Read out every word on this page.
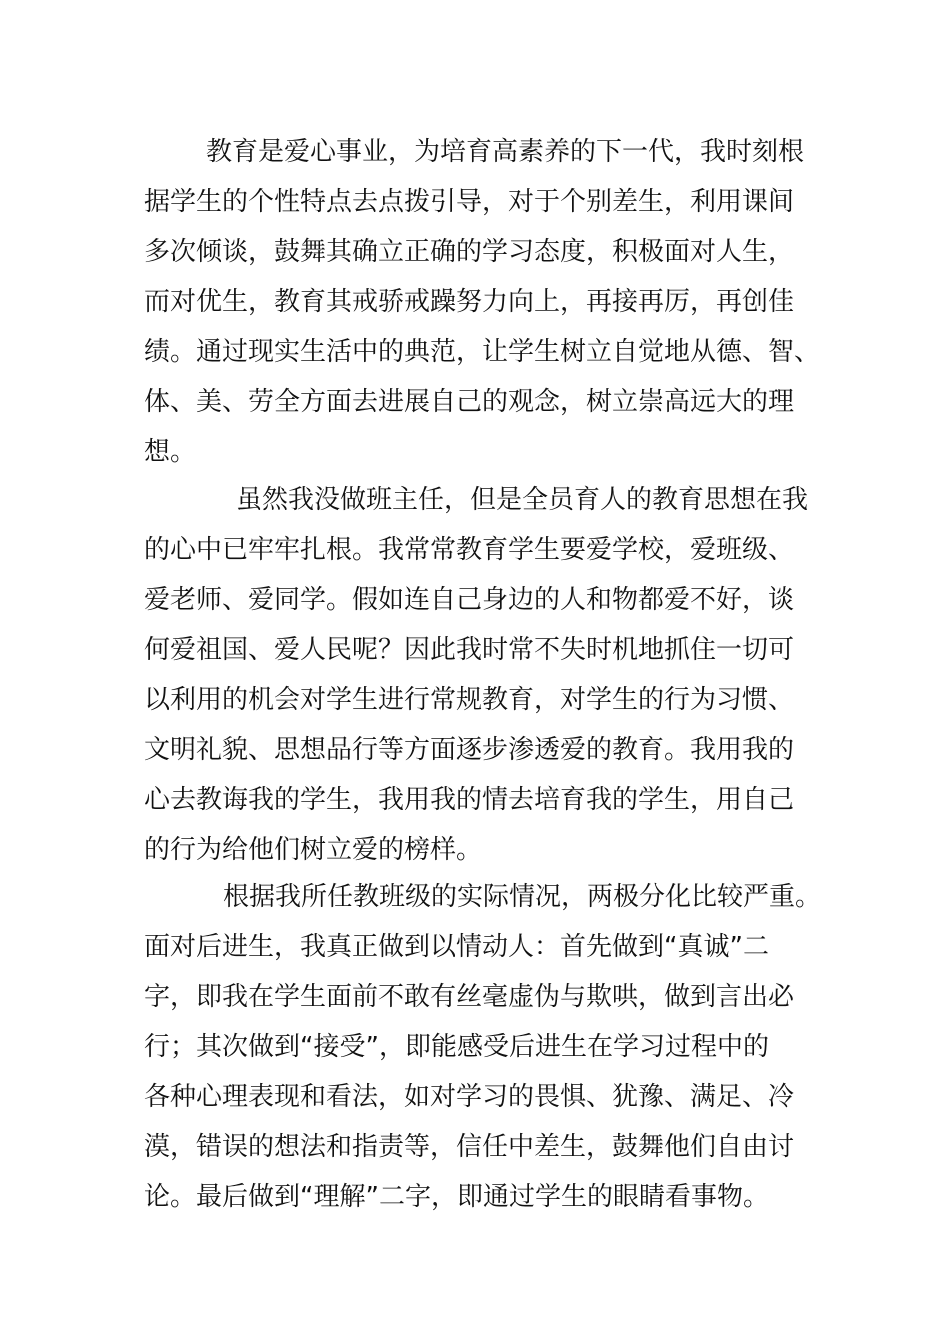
教育是爱心事业，为培育高素养的下一代，我时刻根
据学生的个性特点去点拨引导，对于个别差生，利用课间
多次倾谈，鼓舞其确立正确的学习态度，积极面对人生，
而对优生，教育其戒骄戒躁努力向上，再接再厉，再创佳
绩。通过现实生活中的典范，让学生树立自觉地从德、智、
体、美、劳全方面去进展自己的观念，树立崇高远大的理
想。
虽然我没做班主任，但是全员育人的教育思想在我
的心中已牢牢扎根。我常常教育学生要爱学校，爱班级、
爱老师、爱同学。假如连自己身边的人和物都爱不好，谈
何爱祖国、爱人民呢？因此我时常不失时机地抓住一切可
以利用的机会对学生进行常规教育，对学生的行为习惯、
文明礼貌、思想品行等方面逐步渗透爱的教育。我用我的
心去教诲我的学生，我用我的情去培育我的学生，用自己
的行为给他们树立爱的榜样。
根据我所任教班级的实际情况，两极分化比较严重。
面对后进生，我真正做到以情动人：首先做到“真诚”二
字，即我在学生面前不敢有丝毫虚伪与欺哄，做到言出必
行；其次做到“接受”，即能感受后进生在学习过程中的
各种心理表现和看法，如对学习的畏惧、犹豫、满足、冷
漠，错误的想法和指责等，信任中差生，鼓舞他们自由讨
论。最后做到“理解”二字，即通过学生的眼睛看事物。
